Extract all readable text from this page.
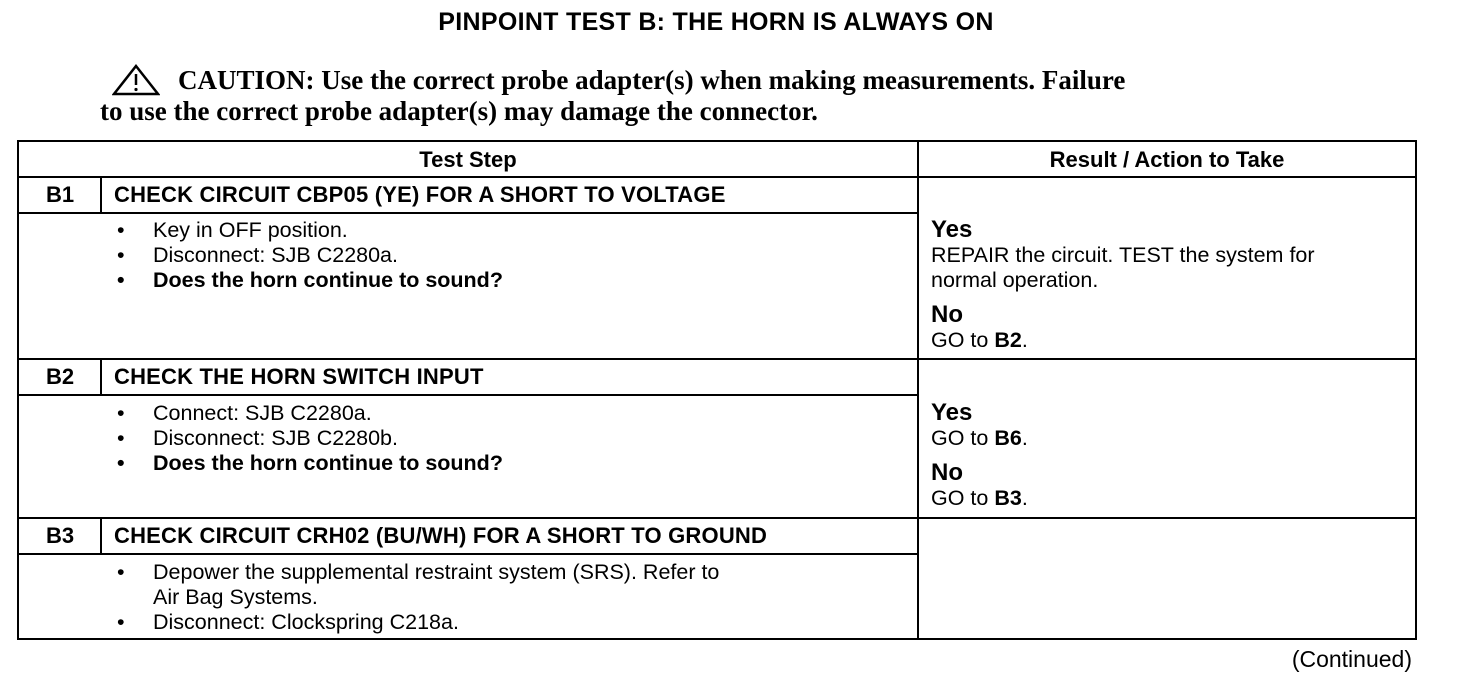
PINPOINT TEST B: THE HORN IS ALWAYS ON
CAUTION: Use the correct probe adapter(s) when making measurements. Failure
to use the correct probe adapter(s) may damage the connector.
Test Step	Result / Action to Take
B1	CHECK CIRCUIT CBP05 (YE) FOR A SHORT TO VOLTAGE
•	Key in OFF position.
•	Disconnect: SJB C2280a.
•	Does the horn continue to sound?
Yes
REPAIR the circuit. TEST the system for
normal operation.
No
GO to B2.
B2	CHECK THE HORN SWITCH INPUT
•	Connect: SJB C2280a.
•	Disconnect: SJB C2280b.
•	Does the horn continue to sound?
Yes
GO to B6.
No
GO to B3.
B3	CHECK CIRCUIT CRH02 (BU/WH) FOR A SHORT TO GROUND
•	Depower the supplemental restraint system (SRS). Refer to
Air Bag Systems.
•	Disconnect: Clockspring C218a.
(Continued)
